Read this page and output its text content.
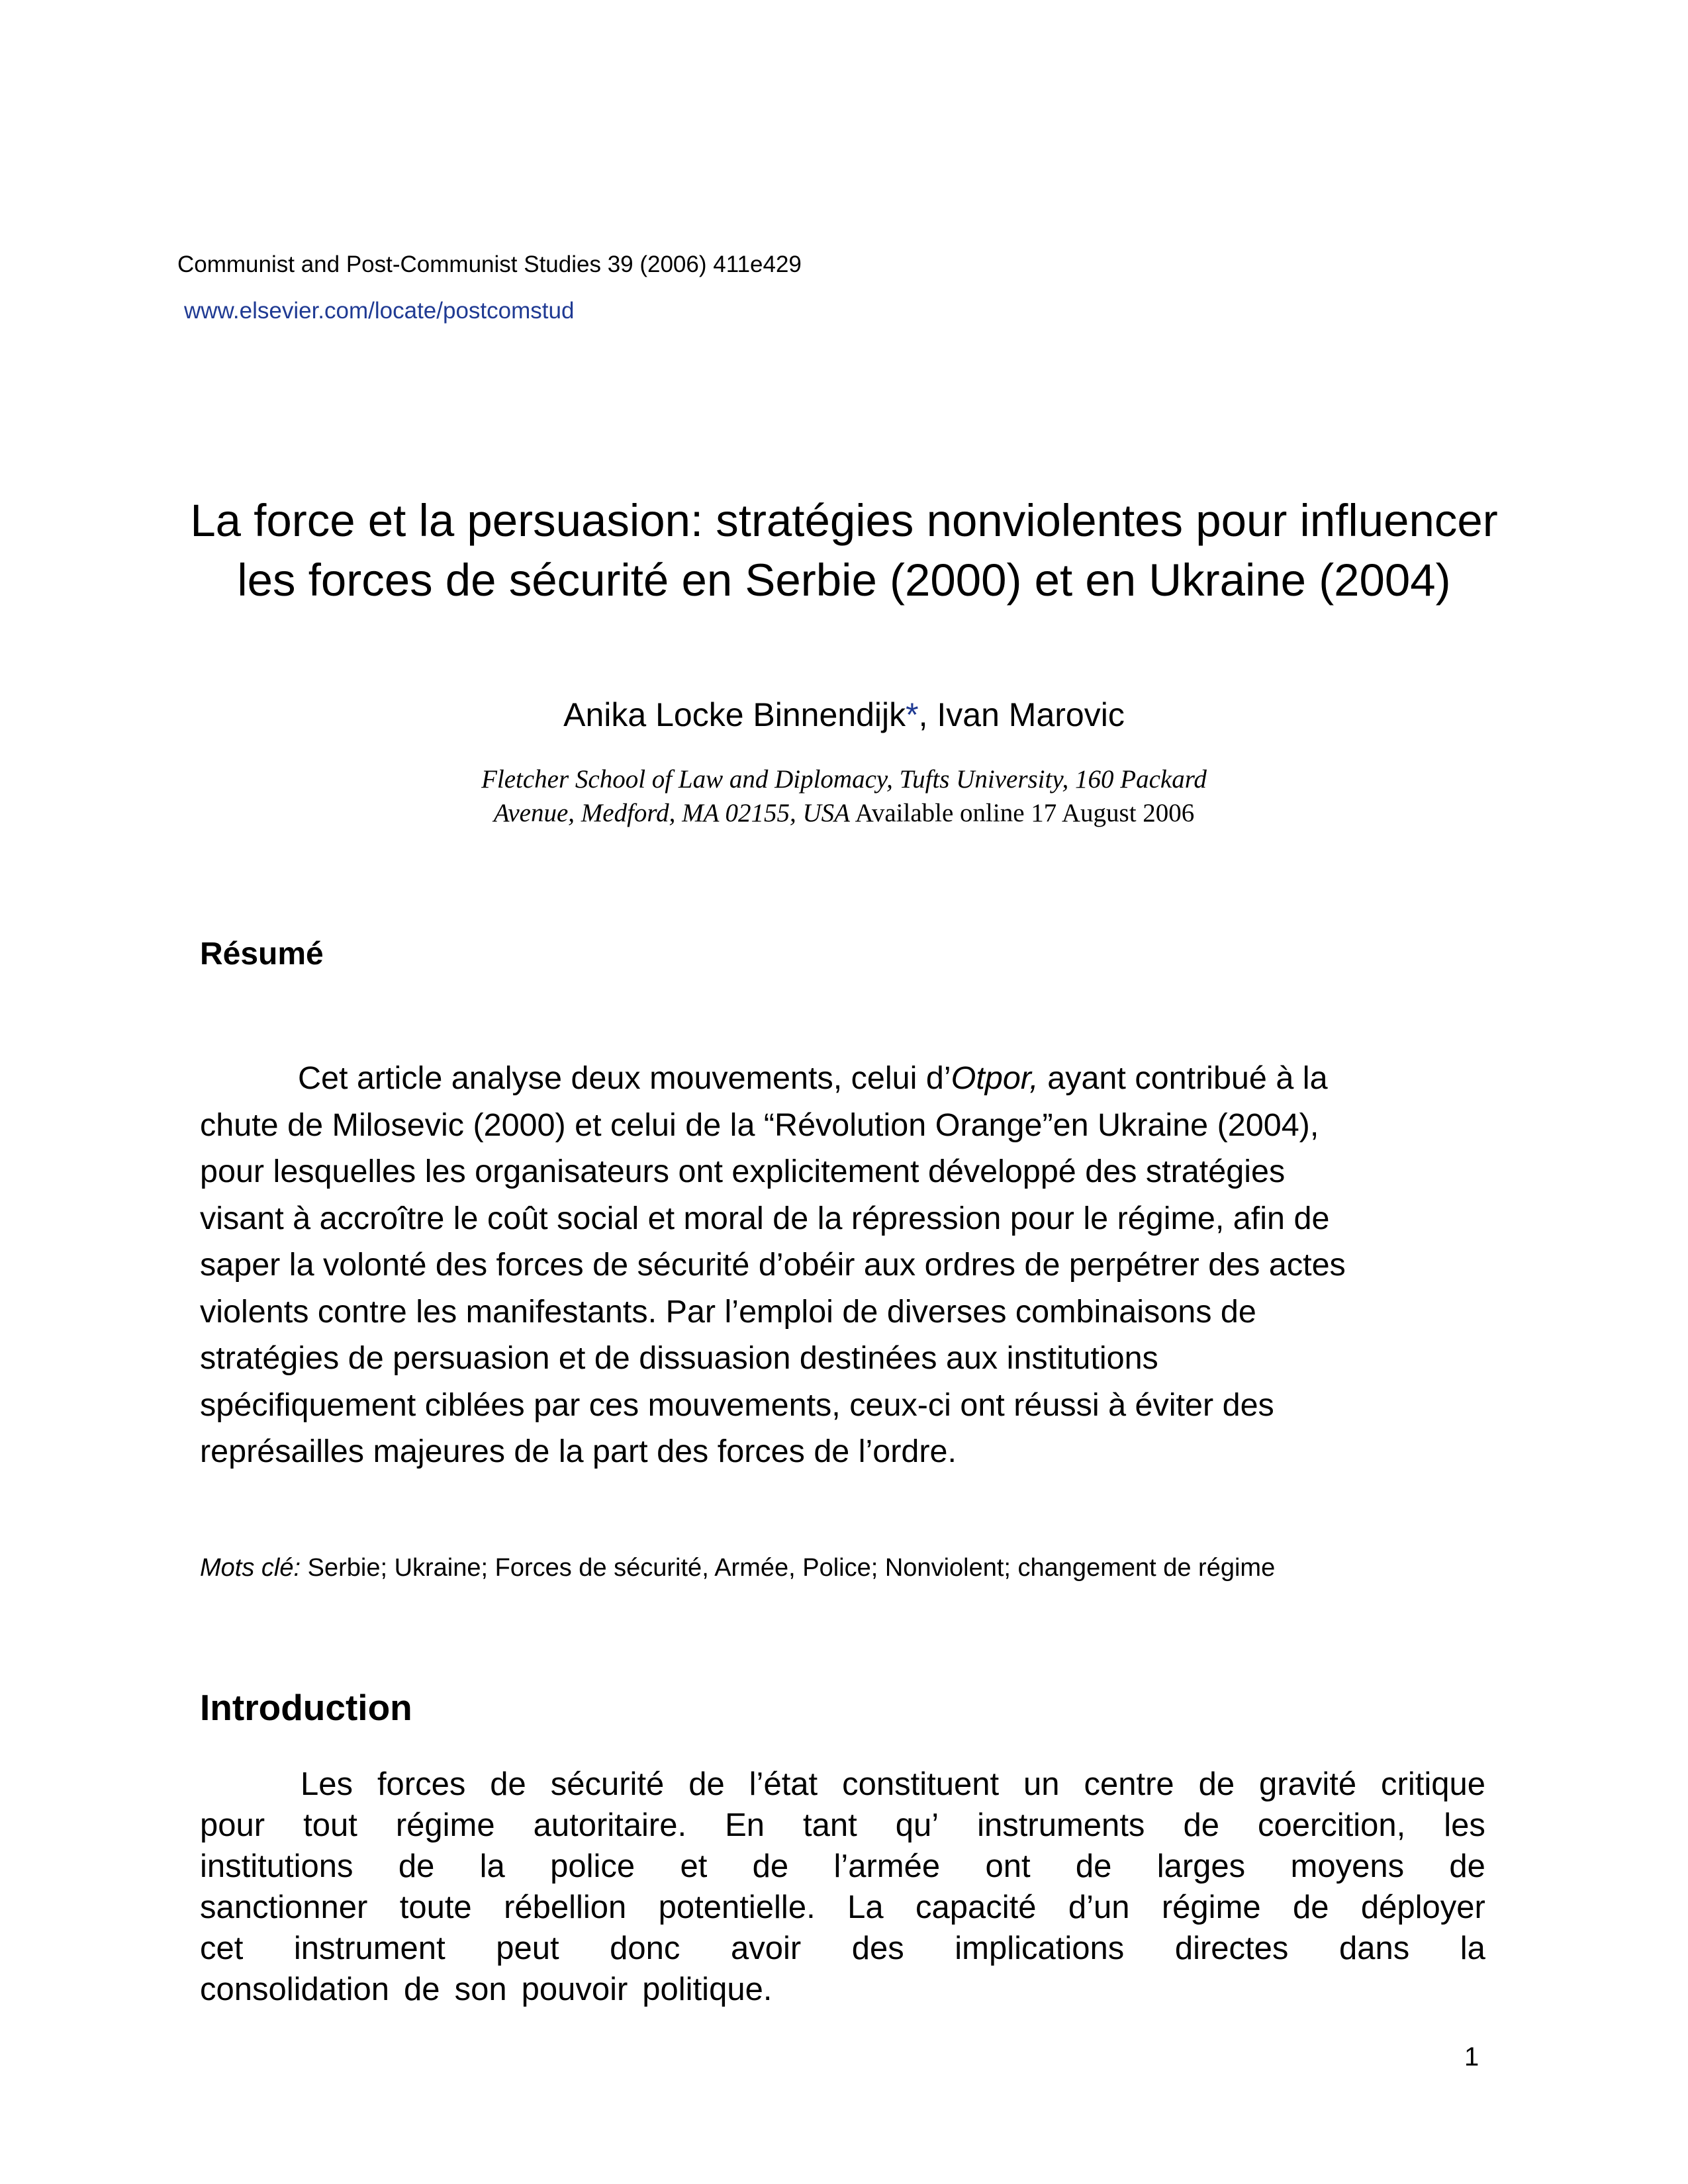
Communist and Post-Communist Studies 39 (2006) 411e429
www.elsevier.com/locate/postcomstud
La force et la persuasion: stratégies nonviolentes pour influencer
les forces de sécurité en Serbie (2000) et en Ukraine (2004)
Anika Locke Binnendijk*, Ivan Marovic
Fletcher School of Law and Diplomacy, Tufts University, 160 Packard
Avenue, Medford, MA 02155, USA Available online 17 August 2006
Résumé
Cet article analyse deux mouvements, celui d’Otpor, ayant contribué à la
chute de Milosevic (2000) et celui de la “Révolution Orange”en Ukraine (2004),
pour lesquelles les organisateurs ont explicitement développé des stratégies
visant à accroître le coût social et moral de la répression pour le régime, afin de
saper la volonté des forces de sécurité d’obéir aux ordres de perpétrer des actes
violents contre les manifestants. Par l’emploi de diverses combinaisons de
stratégies de persuasion et de dissuasion destinées aux institutions
spécifiquement ciblées par ces mouvements, ceux-ci ont réussi à éviter des
représailles majeures de la part des forces de l’ordre.
Mots clé: Serbie; Ukraine; Forces de sécurité, Armée, Police; Nonviolent; changement de régime
Introduction
Les forces de sécurité de l’état constituent un centre de gravité critique
pour tout régime autoritaire. En tant qu’ instruments de coercition, les
institutions de la police et de l’armée ont de larges moyens de
sanctionner toute rébellion potentielle. La capacité d’un régime de déployer
cet instrument peut donc avoir des implications directes dans la
consolidation de son pouvoir politique.
1
